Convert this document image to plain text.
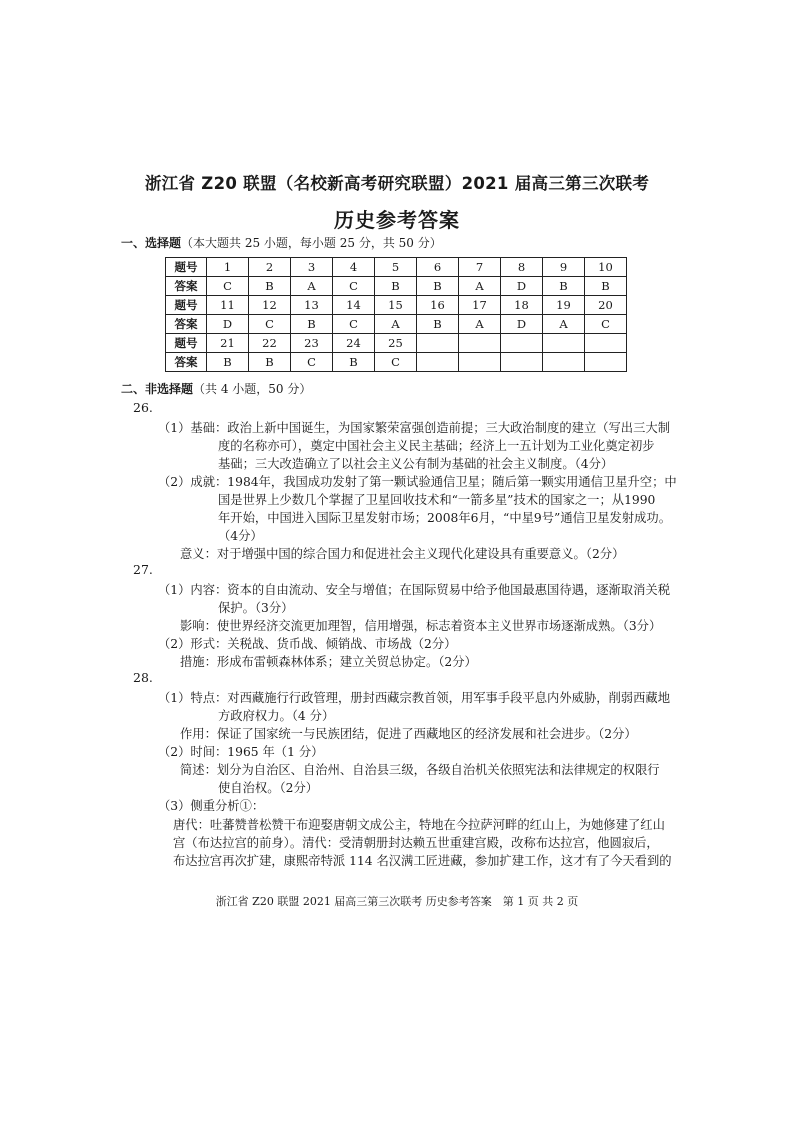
浙江省 Z20 联盟（名校新高考研究联盟）2021 届高三第三次联考
历史参考答案
一、选择题（本大题共 25 小题，每小题 25 分，共 50 分）
题号	1	2	3	4	5	6	7	8	9	10
答案	C	B	A	C	B	B	A	D	B	B
题号	11	12	13	14	15	16	17	18	19	20
答案	D	C	B	C	A	B	A	D	A	C
题号	21	22	23	24	25					
答案	B	B	C	B	C					
二、非选择题（共 4 小题，50 分）
26.
（1）基础：政治上新中国诞生，为国家繁荣富强创造前提；三大政治制度的建立（写出三大制
度的名称亦可），奠定中国社会主义民主基础；经济上一五计划为工业化奠定初步
基础；三大改造确立了以社会主义公有制为基础的社会主义制度。（4分）
（2）成就：1984年，我国成功发射了第一颗试验通信卫星；随后第一颗实用通信卫星升空；中
国是世界上少数几个掌握了卫星回收技术和“一箭多星”技术的国家之一；从1990
年开始，中国进入国际卫星发射市场；2008年6月，“中星9号”通信卫星发射成功。
（4分）
意义：对于增强中国的综合国力和促进社会主义现代化建设具有重要意义。（2分）
27.
（1）内容：资本的自由流动、安全与增值；在国际贸易中给予他国最惠国待遇，逐渐取消关税
保护。（3分）
影响：使世界经济交流更加理智，信用增强，标志着资本主义世界市场逐渐成熟。（3分）
（2）形式：关税战、货币战、倾销战、市场战（2分）
措施：形成布雷顿森林体系；建立关贸总协定。（2分）
28.
（1）特点：对西藏施行行政管理，册封西藏宗教首领，用军事手段平息内外威胁，削弱西藏地
方政府权力。（4 分）
作用：保证了国家统一与民族团结，促进了西藏地区的经济发展和社会进步。（2分）
（2）时间：1965 年（1 分）
简述：划分为自治区、自治州、自治县三级，各级自治机关依照宪法和法律规定的权限行
使自治权。（2分）
（3）侧重分析①：
唐代：吐蕃赞普松赞干布迎娶唐朝文成公主，特地在今拉萨河畔的红山上，为她修建了红山
宫（布达拉宫的前身）。清代：受清朝册封达赖五世重建宫殿，改称布达拉宫，他圆寂后，
布达拉宫再次扩建，康熙帝特派 114 名汉满工匠进藏，参加扩建工作，这才有了今天看到的
浙江省 Z20 联盟 2021 届高三第三次联考 历史参考答案　第 1 页 共 2 页
